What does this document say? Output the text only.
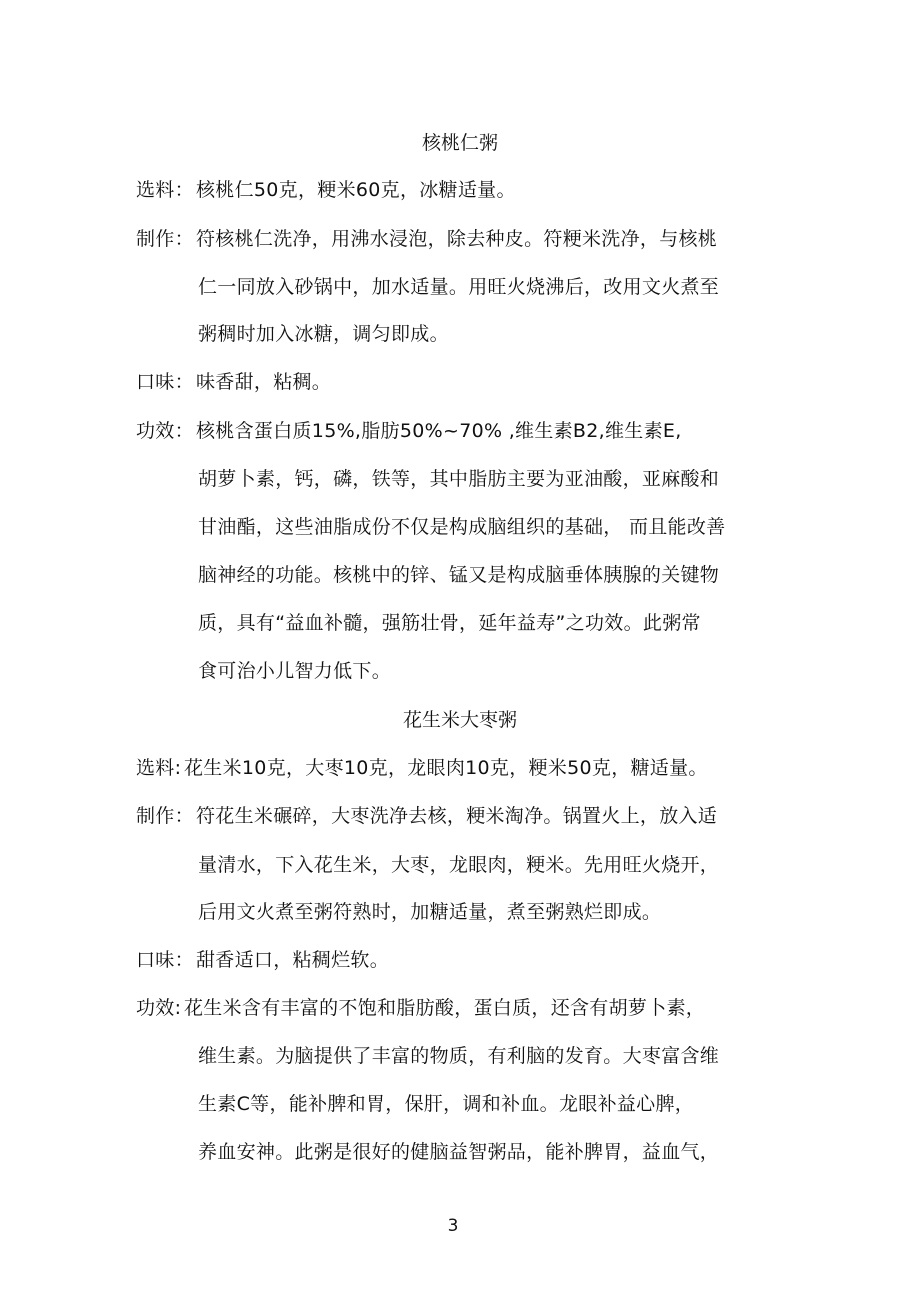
核桃仁粥
选料： 核桃仁50克，粳米60克，冰糖适量。
制作： 符核桃仁洗净，用沸水浸泡，除去种皮。符粳米洗净，与核桃
仁一同放入砂锅中，加水适量。用旺火烧沸后，改用文火煮至
粥稠时加入冰糖，调匀即成。
口味： 味香甜，粘稠。
功效： 核桃含蛋白质15%,脂肪50%~70% ,维生素B2,维生素E,
胡萝卜素，钙，磷，铁等，其中脂肪主要为亚油酸，亚麻酸和
甘油酯，这些油脂成份不仅是构成脑组织的基础， 而且能改善
脑神经的功能。核桃中的锌、锰又是构成脑垂体胰腺的关键物
质，具有“益血补髓，强筋壮骨，延年益寿”之功效。此粥常
食可治小儿智力低下。
花生米大枣粥
选料: 花生米10克，大枣10克，龙眼肉10克，粳米50克，糖适量。
制作： 符花生米碾碎，大枣洗净去核，粳米淘净。锅置火上，放入适
量清水，下入花生米，大枣，龙眼肉，粳米。先用旺火烧开，
后用文火煮至粥符熟时，加糖适量，煮至粥熟烂即成。
口味： 甜香适口，粘稠烂软。
功效: 花生米含有丰富的不饱和脂肪酸，蛋白质，还含有胡萝卜素，
维生素。为脑提供了丰富的物质，有利脑的发育。大枣富含维
生素C等，能补脾和胃，保肝，调和补血。龙眼补益心脾，
养血安神。此粥是很好的健脑益智粥品，能补脾胃，益血气，
3
